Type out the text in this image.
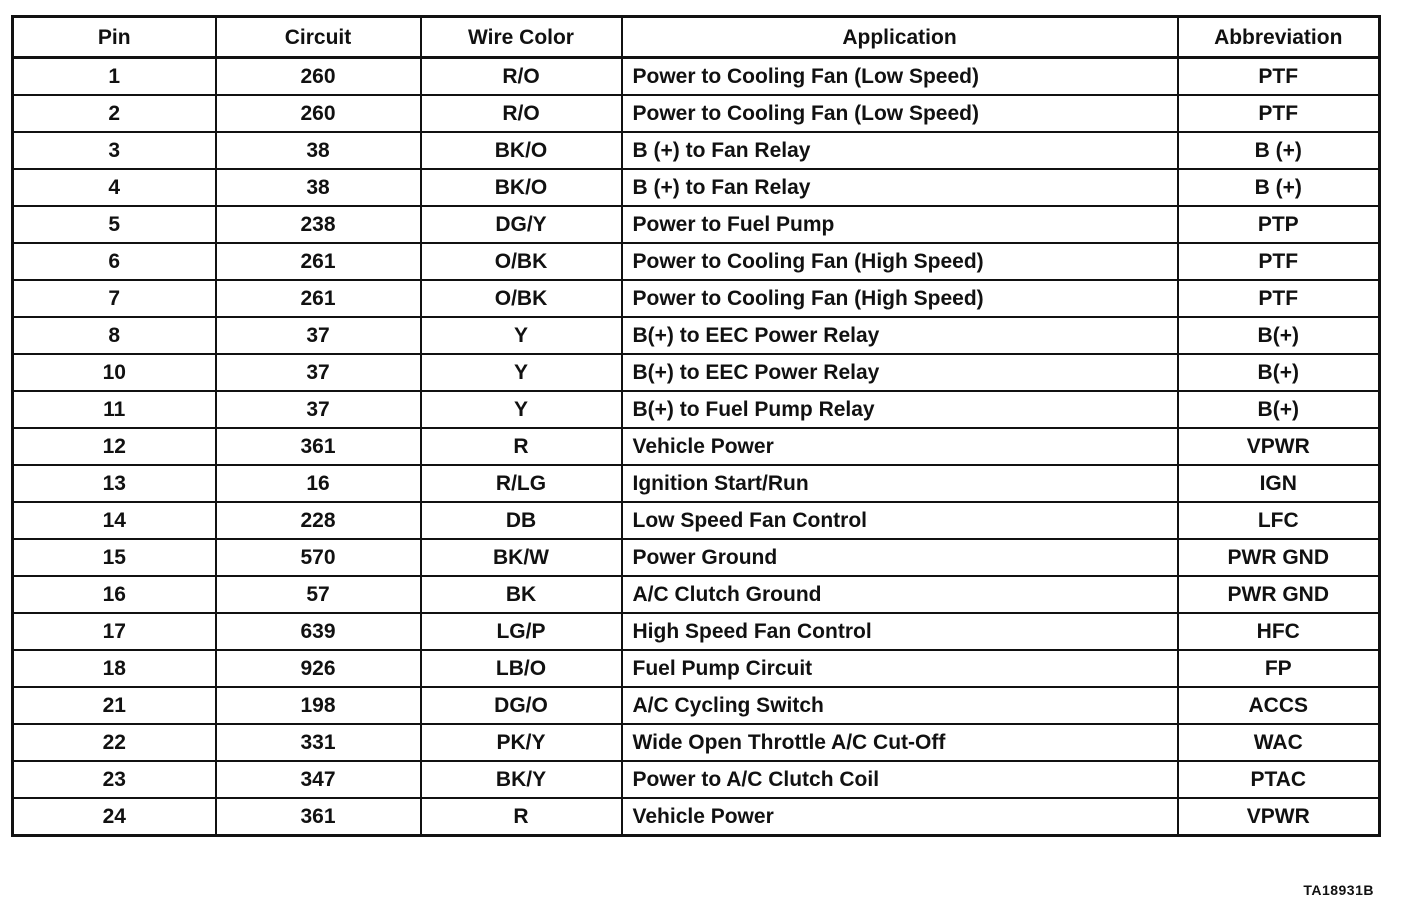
Pin	Circuit	Wire Color	Application	Abbreviation
1	260	R/O	Power to Cooling Fan (Low Speed)	PTF
2	260	R/O	Power to Cooling Fan (Low Speed)	PTF
3	38	BK/O	B (+) to Fan Relay	B (+)
4	38	BK/O	B (+) to Fan Relay	B (+)
5	238	DG/Y	Power to Fuel Pump	PTP
6	261	O/BK	Power to Cooling Fan (High Speed)	PTF
7	261	O/BK	Power to Cooling Fan (High Speed)	PTF
8	37	Y	B(+) to EEC Power Relay	B(+)
10	37	Y	B(+) to EEC Power Relay	B(+)
11	37	Y	B(+) to Fuel Pump Relay	B(+)
12	361	R	Vehicle Power	VPWR
13	16	R/LG	Ignition Start/Run	IGN
14	228	DB	Low Speed Fan Control	LFC
15	570	BK/W	Power Ground	PWR GND
16	57	BK	A/C Clutch Ground	PWR GND
17	639	LG/P	High Speed Fan Control	HFC
18	926	LB/O	Fuel Pump Circuit	FP
21	198	DG/O	A/C Cycling Switch	ACCS
22	331	PK/Y	Wide Open Throttle A/C Cut-Off	WAC
23	347	BK/Y	Power to A/C Clutch Coil	PTAC
24	361	R	Vehicle Power	VPWR
TA18931B
